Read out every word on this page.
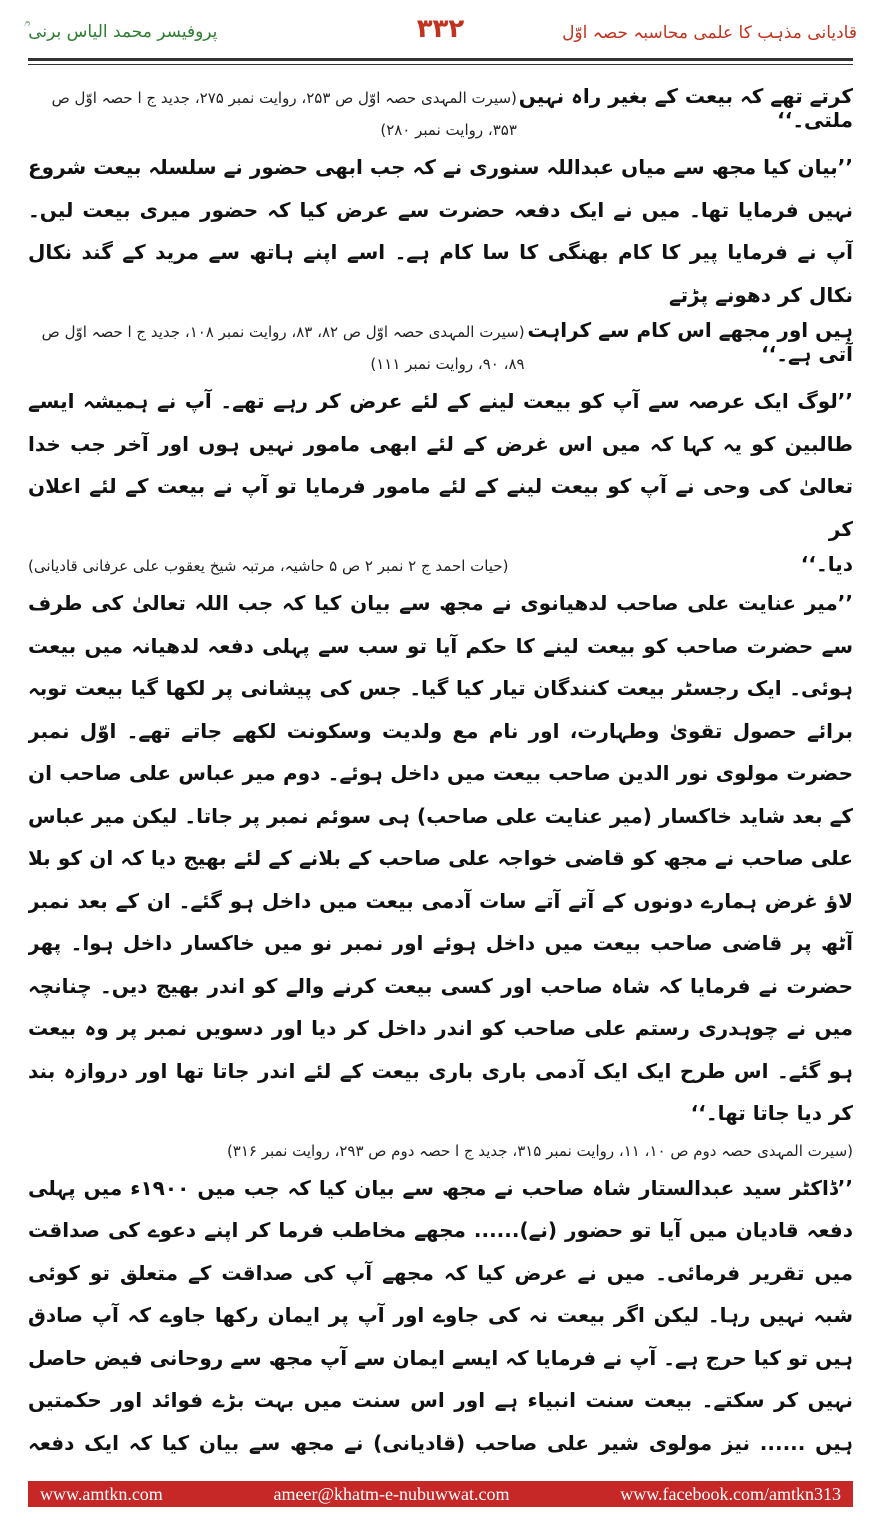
قادیانی مذہب کا علمی محاسبہ حصہ اوّل
۳۳۲
پروفیسر محمد الیاس برنی ؒ
کرتے تھے کہ بیعت کے بغیر راہ نہیں ملتی۔‘‘
(سیرت المہدی حصہ اوّل ص ۲۵۳، روایت نمبر ۲۷۵، جدید ج ا حصہ اوّل ص ۳۵۳، روایت نمبر ۲۸۰)

’’بیان کیا مجھ سے میاں عبداللہ سنوری نے کہ جب ابھی حضور نے سلسلہ بیعت شروع نہیں فرمایا تھا۔ میں نے ایک دفعہ حضرت سے عرض کیا کہ حضور میری بیعت لیں۔ آپ نے فرمایا پیر کا کام بھنگی کا سا کام ہے۔ اسے اپنے ہاتھ سے مرید کے گند نکال نکال کر دھونے پڑتے

ہیں اور مجھے اس کام سے کراہت آتی ہے۔‘‘
(سیرت المہدی حصہ اوّل ص ۸۲، ۸۳، روایت نمبر ۱۰۸، جدید ج ا حصہ اوّل ص ۸۹، ۹۰، روایت نمبر ۱۱۱)

’’لوگ ایک عرصہ سے آپ کو بیعت لینے کے لئے عرض کر رہے تھے۔ آپ نے ہمیشہ ایسے طالبین کو یہ کہا کہ میں اس غرض کے لئے ابھی مامور نہیں ہوں اور آخر جب خدا تعالیٰ کی وحی نے آپ کو بیعت لینے کے لئے مامور فرمایا تو آپ نے بیعت کے لئے اعلان کر

دیا۔‘‘
(حیات احمد ج ۲ نمبر ۲ ص ۵ حاشیہ، مرتبہ شیخ یعقوب علی عرفانی قادیانی)

’’میر عنایت علی صاحب لدھیانوی نے مجھ سے بیان کیا کہ جب اللہ تعالیٰ کی طرف سے حضرت صاحب کو بیعت لینے کا حکم آیا تو سب سے پہلی دفعہ لدھیانہ میں بیعت ہوئی۔ ایک رجسٹر بیعت کنندگان تیار کیا گیا۔ جس کی پیشانی پر لکھا گیا بیعت توبہ برائے حصول تقویٰ وطہارت، اور نام مع ولدیت وسکونت لکھے جاتے تھے۔ اوّل نمبر حضرت مولوی نور الدین صاحب بیعت میں داخل ہوئے۔ دوم میر عباس علی صاحب ان کے بعد شاید خاکسار (میر عنایت علی صاحب) ہی سوئم نمبر پر جاتا۔ لیکن میر عباس علی صاحب نے مجھ کو قاضی خواجہ علی صاحب کے بلانے کے لئے بھیج دیا کہ ان کو بلا لاؤ غرض ہمارے دونوں کے آتے آتے سات آدمی بیعت میں داخل ہو گئے۔ ان کے بعد نمبر آٹھ پر قاضی صاحب بیعت میں داخل ہوئے اور نمبر نو میں خاکسار داخل ہوا۔ پھر حضرت نے فرمایا کہ شاہ صاحب اور کسی بیعت کرنے والے کو اندر بھیج دیں۔ چنانچہ میں نے چوہدری رستم علی صاحب کو اندر داخل کر دیا اور دسویں نمبر پر وہ بیعت ہو گئے۔ اس طرح ایک ایک آدمی باری باری بیعت کے لئے اندر جاتا تھا اور دروازہ بند کر دیا جاتا تھا۔‘‘

(سیرت المہدی حصہ دوم ص ۱۰، ۱۱، روایت نمبر ۳۱۵، جدید ج ا حصہ دوم ص ۲۹۳، روایت نمبر ۳۱۶)

’’ڈاکٹر سید عبدالستار شاہ صاحب نے مجھ سے بیان کیا کہ جب میں ۱۹۰۰ء میں پہلی دفعہ قادیان میں آیا تو حضور (نے)...... مجھے مخاطب فرما کر اپنے دعوے کی صداقت میں تقریر فرمائی۔ میں نے عرض کیا کہ مجھے آپ کی صداقت کے متعلق تو کوئی شبہ نہیں رہا۔ لیکن اگر بیعت نہ کی جاوے اور آپ پر ایمان رکھا جاوے کہ آپ صادق ہیں تو کیا حرج ہے۔ آپ نے فرمایا کہ ایسے ایمان سے آپ مجھ سے روحانی فیض حاصل نہیں کر سکتے۔ بیعت سنت انبیاء ہے اور اس سنت میں بہت بڑے فوائد اور حکمتیں ہیں ...... نیز مولوی شیر علی صاحب (قادیانی) نے مجھ سے بیان کیا کہ ایک دفعہ

www.amtkn.com	ameer@khatm-e-nubuwwat.com	www.facebook.com/amtkn313
